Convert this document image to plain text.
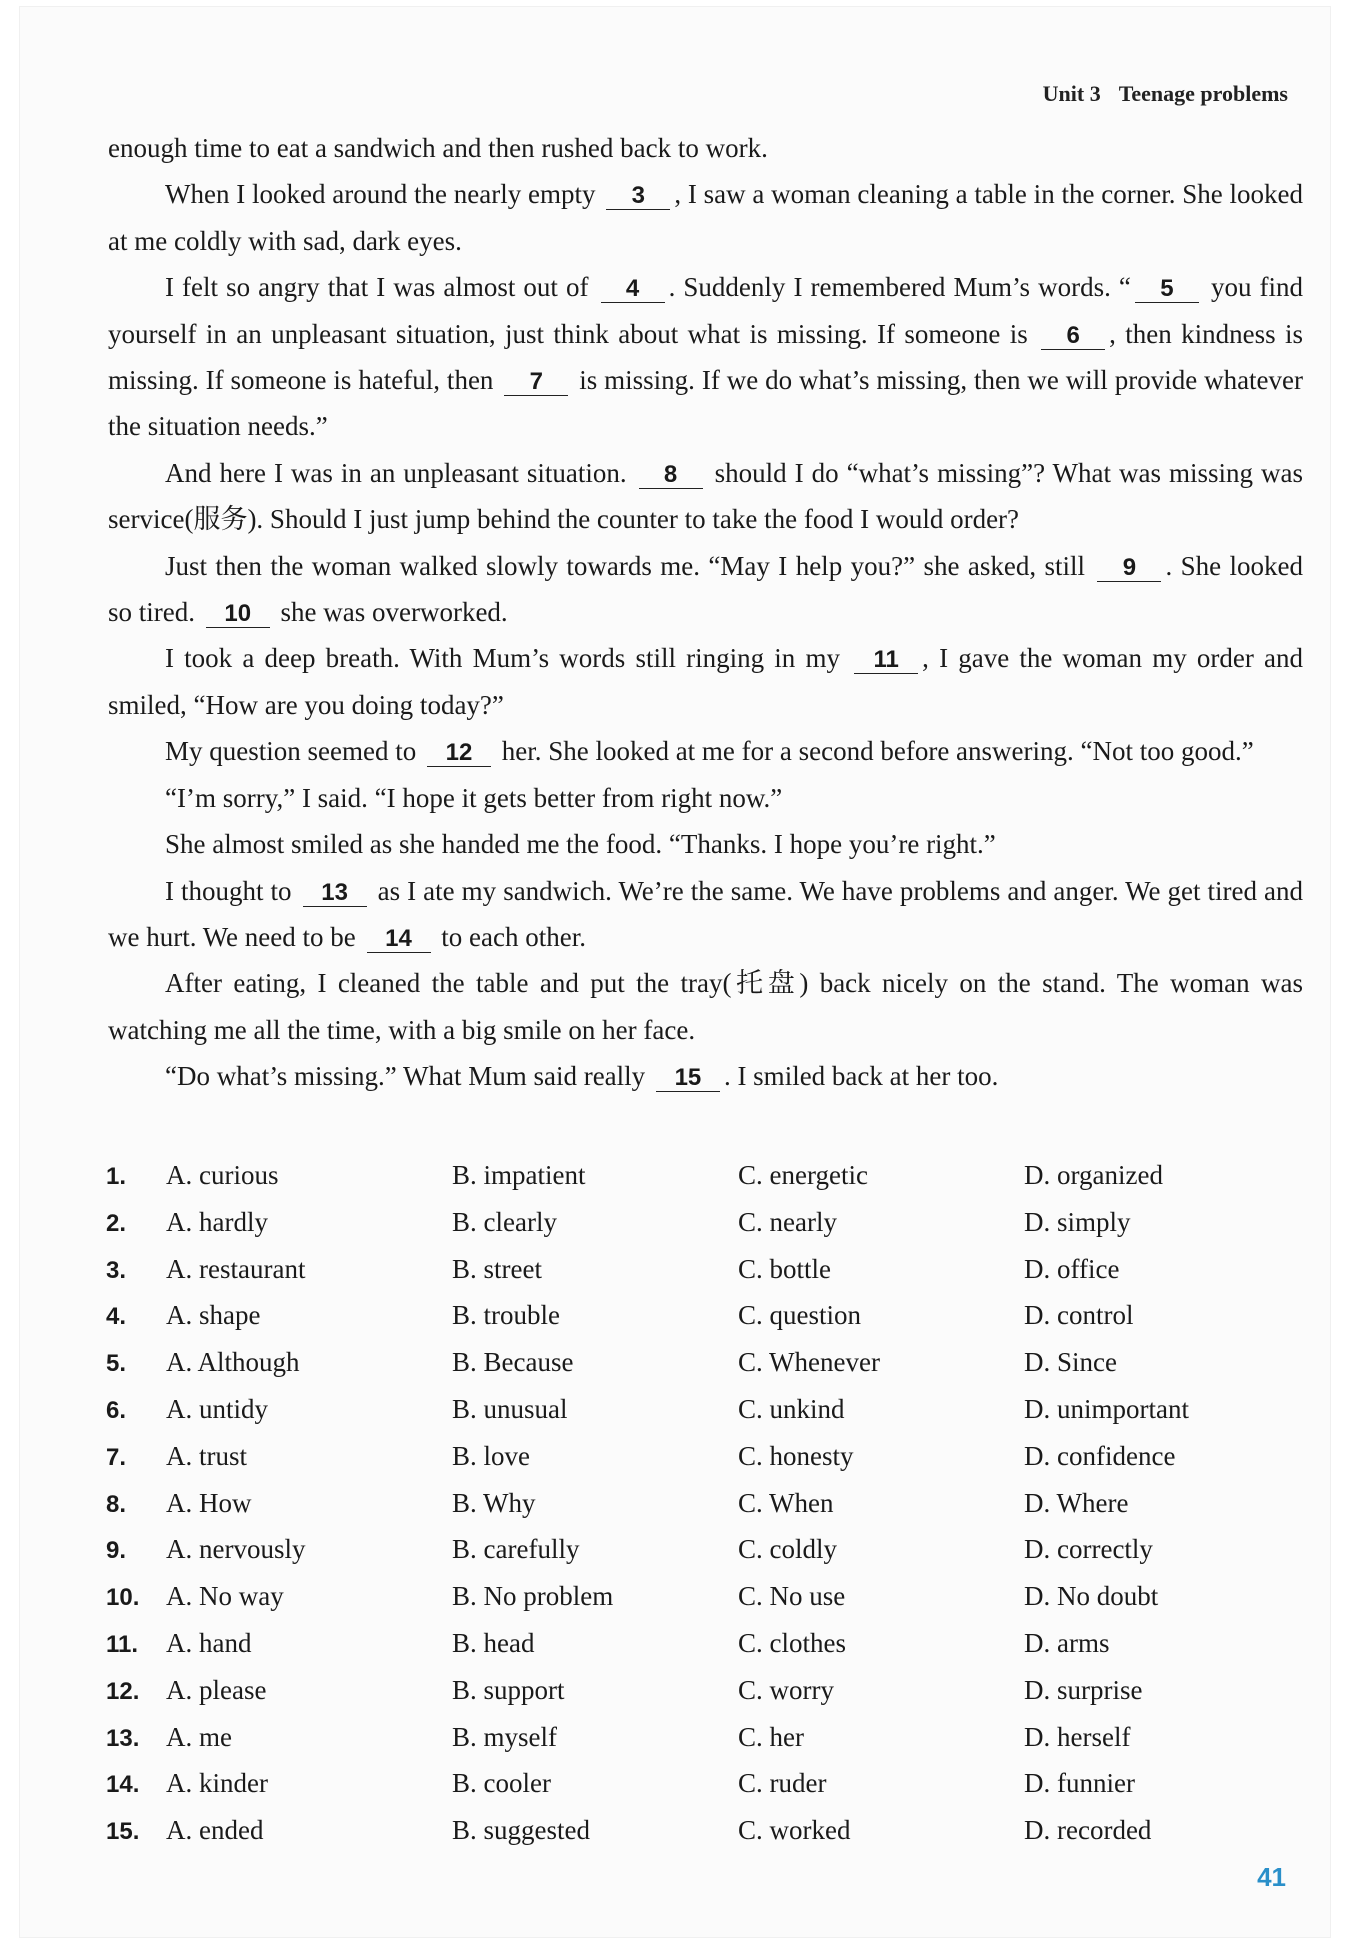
Unit 3 Teenage problems

enough time to eat a sandwich and then rushed back to work.

When I looked around the nearly empty 3 , I saw a woman cleaning a table in the corner. She looked at me coldly with sad, dark eyes.

I felt so angry that I was almost out of 4 . Suddenly I remembered Mum’s words. “ 5 you find yourself in an unpleasant situation, just think about what is missing. If someone is 6 , then kindness is missing. If someone is hateful, then 7 is missing. If we do what’s missing, then we will provide whatever the situation needs.”

And here I was in an unpleasant situation. 8 should I do “what’s missing”? What was missing was service(服务). Should I just jump behind the counter to take the food I would order?

Just then the woman walked slowly towards me. “May I help you?” she asked, still 9 . She looked so tired. 10 she was overworked.

I took a deep breath. With Mum’s words still ringing in my 11 , I gave the woman my order and smiled, “How are you doing today?”

My question seemed to 12 her. She looked at me for a second before answering. “Not too good.”

“I’m sorry,” I said. “I hope it gets better from right now.”

She almost smiled as she handed me the food. “Thanks. I hope you’re right.”

I thought to 13 as I ate my sandwich. We’re the same. We have problems and anger. We get tired and we hurt. We need to be 14 to each other.

After eating, I cleaned the table and put the tray(托盘) back nicely on the stand. The woman was watching me all the time, with a big smile on her face.

“Do what’s missing.” What Mum said really 15 . I smiled back at her too.

1. A. curious	B. impatient	C. energetic	D. organized
2. A. hardly	B. clearly	C. nearly	D. simply
3. A. restaurant	B. street	C. bottle	D. office
4. A. shape	B. trouble	C. question	D. control
5. A. Although	B. Because	C. Whenever	D. Since
6. A. untidy	B. unusual	C. unkind	D. unimportant
7. A. trust	B. love	C. honesty	D. confidence
8. A. How	B. Why	C. When	D. Where
9. A. nervously	B. carefully	C. coldly	D. correctly
10. A. No way	B. No problem	C. No use	D. No doubt
11. A. hand	B. head	C. clothes	D. arms
12. A. please	B. support	C. worry	D. surprise
13. A. me	B. myself	C. her	D. herself
14. A. kinder	B. cooler	C. ruder	D. funnier
15. A. ended	B. suggested	C. worked	D. recorded
41
